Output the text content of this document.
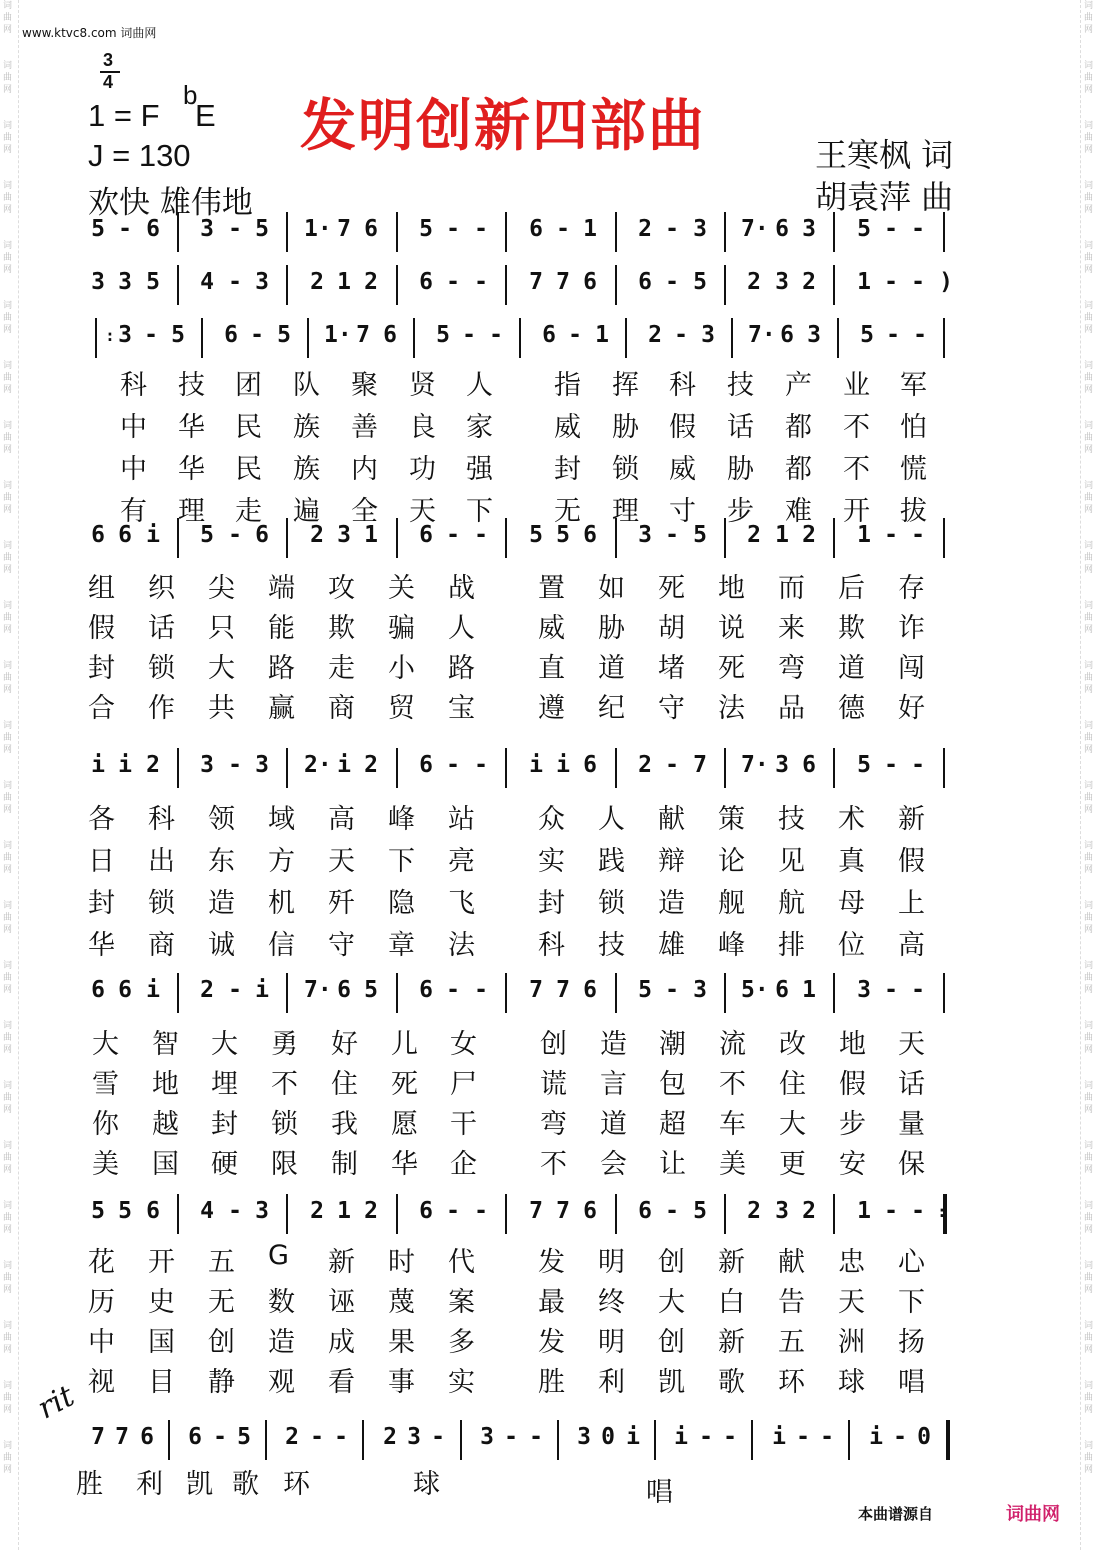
词
曲
网

词
曲
网

词
曲
网

词
曲
网

词
曲
网

词
曲
网

词
曲
网

词
曲
网

词
曲
网

词
曲
网

词
曲
网

词
曲
网

词
曲
网

词
曲
网

词
曲
网

词
曲
网

词
曲
网

词
曲
网

词
曲
网

词
曲
网

词
曲
网

词
曲
网

词
曲
网

词
曲
网

词
曲
网

词
曲
网

词
曲
网

词
曲
网

词
曲
网

词
曲
网

词
曲
网

词
曲
网

词
曲
网

词
曲
网

词
曲
网

词
曲
网

词
曲
网

词
曲
网

词
曲
网

词
曲
网

词
曲
网

词
曲
网

词
曲
网

词
曲
网

词
曲
网

词
曲
网

词
曲
网

词
曲
网

词
曲
网

词
曲
网

www.ktvc8.com 词曲网
3
4
1 = F
b
E
J = 130
欢快 雄伟地
发明创新四部曲	王寒枫 词
胡袁萍 曲
5 - 6 3 - 5 1· 7 6 5 - - 6 - 1 2 - 3 7· 6 3 5 - -
3 3 5 4 - 3 2 1 2 6 - - 7 7 6 6 - 5 2 3 2 1 - - )
: 3 - 5 6 - 5 1· 7 6 5 - - 6 - 1 2 - 3 7· 6 3 5 - -
6 6 i 5 - 6 2 3 1 6 - - 5 5 6 3 - 5 2 1 2 1 - -
i i 2 3 - 3 2· i 2 6 - - i i 6 2 - 7 7· 3 6 5 - -
6 6 i 2 - i 7· 6 5 6 - - 7 7 6 5 - 3 5· 6 1 3 - -
5 5 6 4 - 3 2 1 2 6 - - 7 7 6 6 - 5 2 3 2 1 - - :
7 7 6 6 - 5 2 - - 2 3 - 3 - - 3 0 i i - - i - - i - 0
科 技 团 队 聚 贤 人 指 挥 科 技 产 业 军
中 华 民 族 善 良 家 威 胁 假 话 都 不 怕
中 华 民 族 内 功 强 封 锁 威 胁 都 不 慌
有 理 走 遍 全 天 下 无 理 寸 步 难 开 拔
组 织 尖 端 攻 关 战 置 如 死 地 而 后 存
假 话 只 能 欺 骗 人 威 胁 胡 说 来 欺 诈
封 锁 大 路 走 小 路 直 道 堵 死 弯 道 闯
合 作 共 赢 商 贸 宝 遵 纪 守 法 品 德 好
各 科 领 域 高 峰 站 众 人 献 策 技 术 新
日 出 东 方 天 下 亮 实 践 辩 论 见 真 假
封 锁 造 机 歼 隐 飞 封 锁 造 舰 航 母 上
华 商 诚 信 守 章 法 科 技 雄 峰 排 位 高
大 智 大 勇 好 儿 女 创 造 潮 流 改 地 天
雪 地 埋 不 住 死 尸 谎 言 包 不 住 假 话
你 越 封 锁 我 愿 干 弯 道 超 车 大 步 量
美 国 硬 限 制 华 企 不 会 让 美 更 安 保
花 开 五 G 新 时 代 发 明 创 新 献 忠 心
历 史 无 数 诬 蔑 案 最 终 大 白 告 天 下
中 国 创 造 成 果 多 发 明 创 新 五 洲 扬
视 目 静 观 看 事 实 胜 利 凯 歌 环 球 唱
胜 利 凯 歌 环	球	唱
rit
本曲谱源自	词曲网
